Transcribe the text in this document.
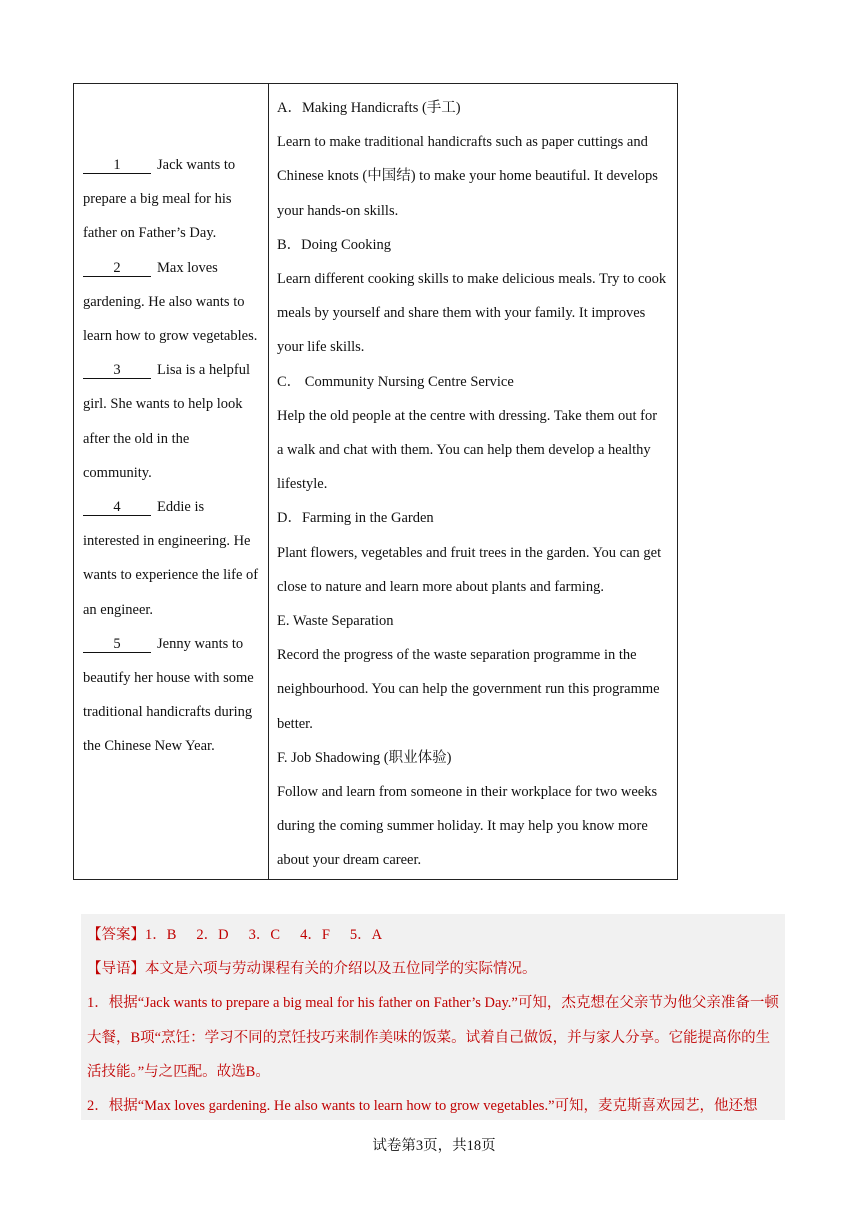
1	Jack wants to prepare a big meal for his father on Father’s Day.
2	Max loves gardening. He also wants to learn how to grow vegetables.
3	Lisa is a helpful girl. She wants to help look after the old in the community.
4	Eddie is interested in engineering. He wants to experience the life of an engineer.
5	Jenny wants to beautify her house with some traditional handicrafts during the Chinese New Year.
A．Making Handicrafts (手工)
Learn to make traditional handicrafts such as paper cuttings and Chinese knots (中国结) to make your home beautiful. It develops your hands-on skills.
B．Doing Cooking
Learn different cooking skills to make delicious meals. Try to cook meals by yourself and share them with your family. It improves your life skills.
C． Community Nursing Centre Service
Help the old people at the centre with dressing. Take them out for a walk and chat with them. You can help them develop a healthy lifestyle.
D．Farming in the Garden
Plant flowers, vegetables and fruit trees in the garden. You can get close to nature and learn more about plants and farming.
E. Waste Separation
Record the progress of the waste separation programme in the neighbourhood. You can help the government run this programme better.
F. Job Shadowing (职业体验)
Follow and learn from someone in their workplace for two weeks during the coming summer holiday. It may help you know more about your dream career.
【答案】1．B 2．D 3．C 4．F 5．A
【导语】本文是六项与劳动课程有关的介绍以及五位同学的实际情况。
1．根据“Jack wants to prepare a big meal for his father on Father’s Day.”可知，杰克想在父亲节为他父亲准备一顿大餐，B项“烹饪：学习不同的烹饪技巧来制作美味的饭菜。试着自己做饭，并与家人分享。它能提高你的生活技能。”与之匹配。故选B。
2．根据“Max loves gardening. He also wants to learn how to grow vegetables.”可知，麦克斯喜欢园艺，他还想
试卷第3页，共18页
